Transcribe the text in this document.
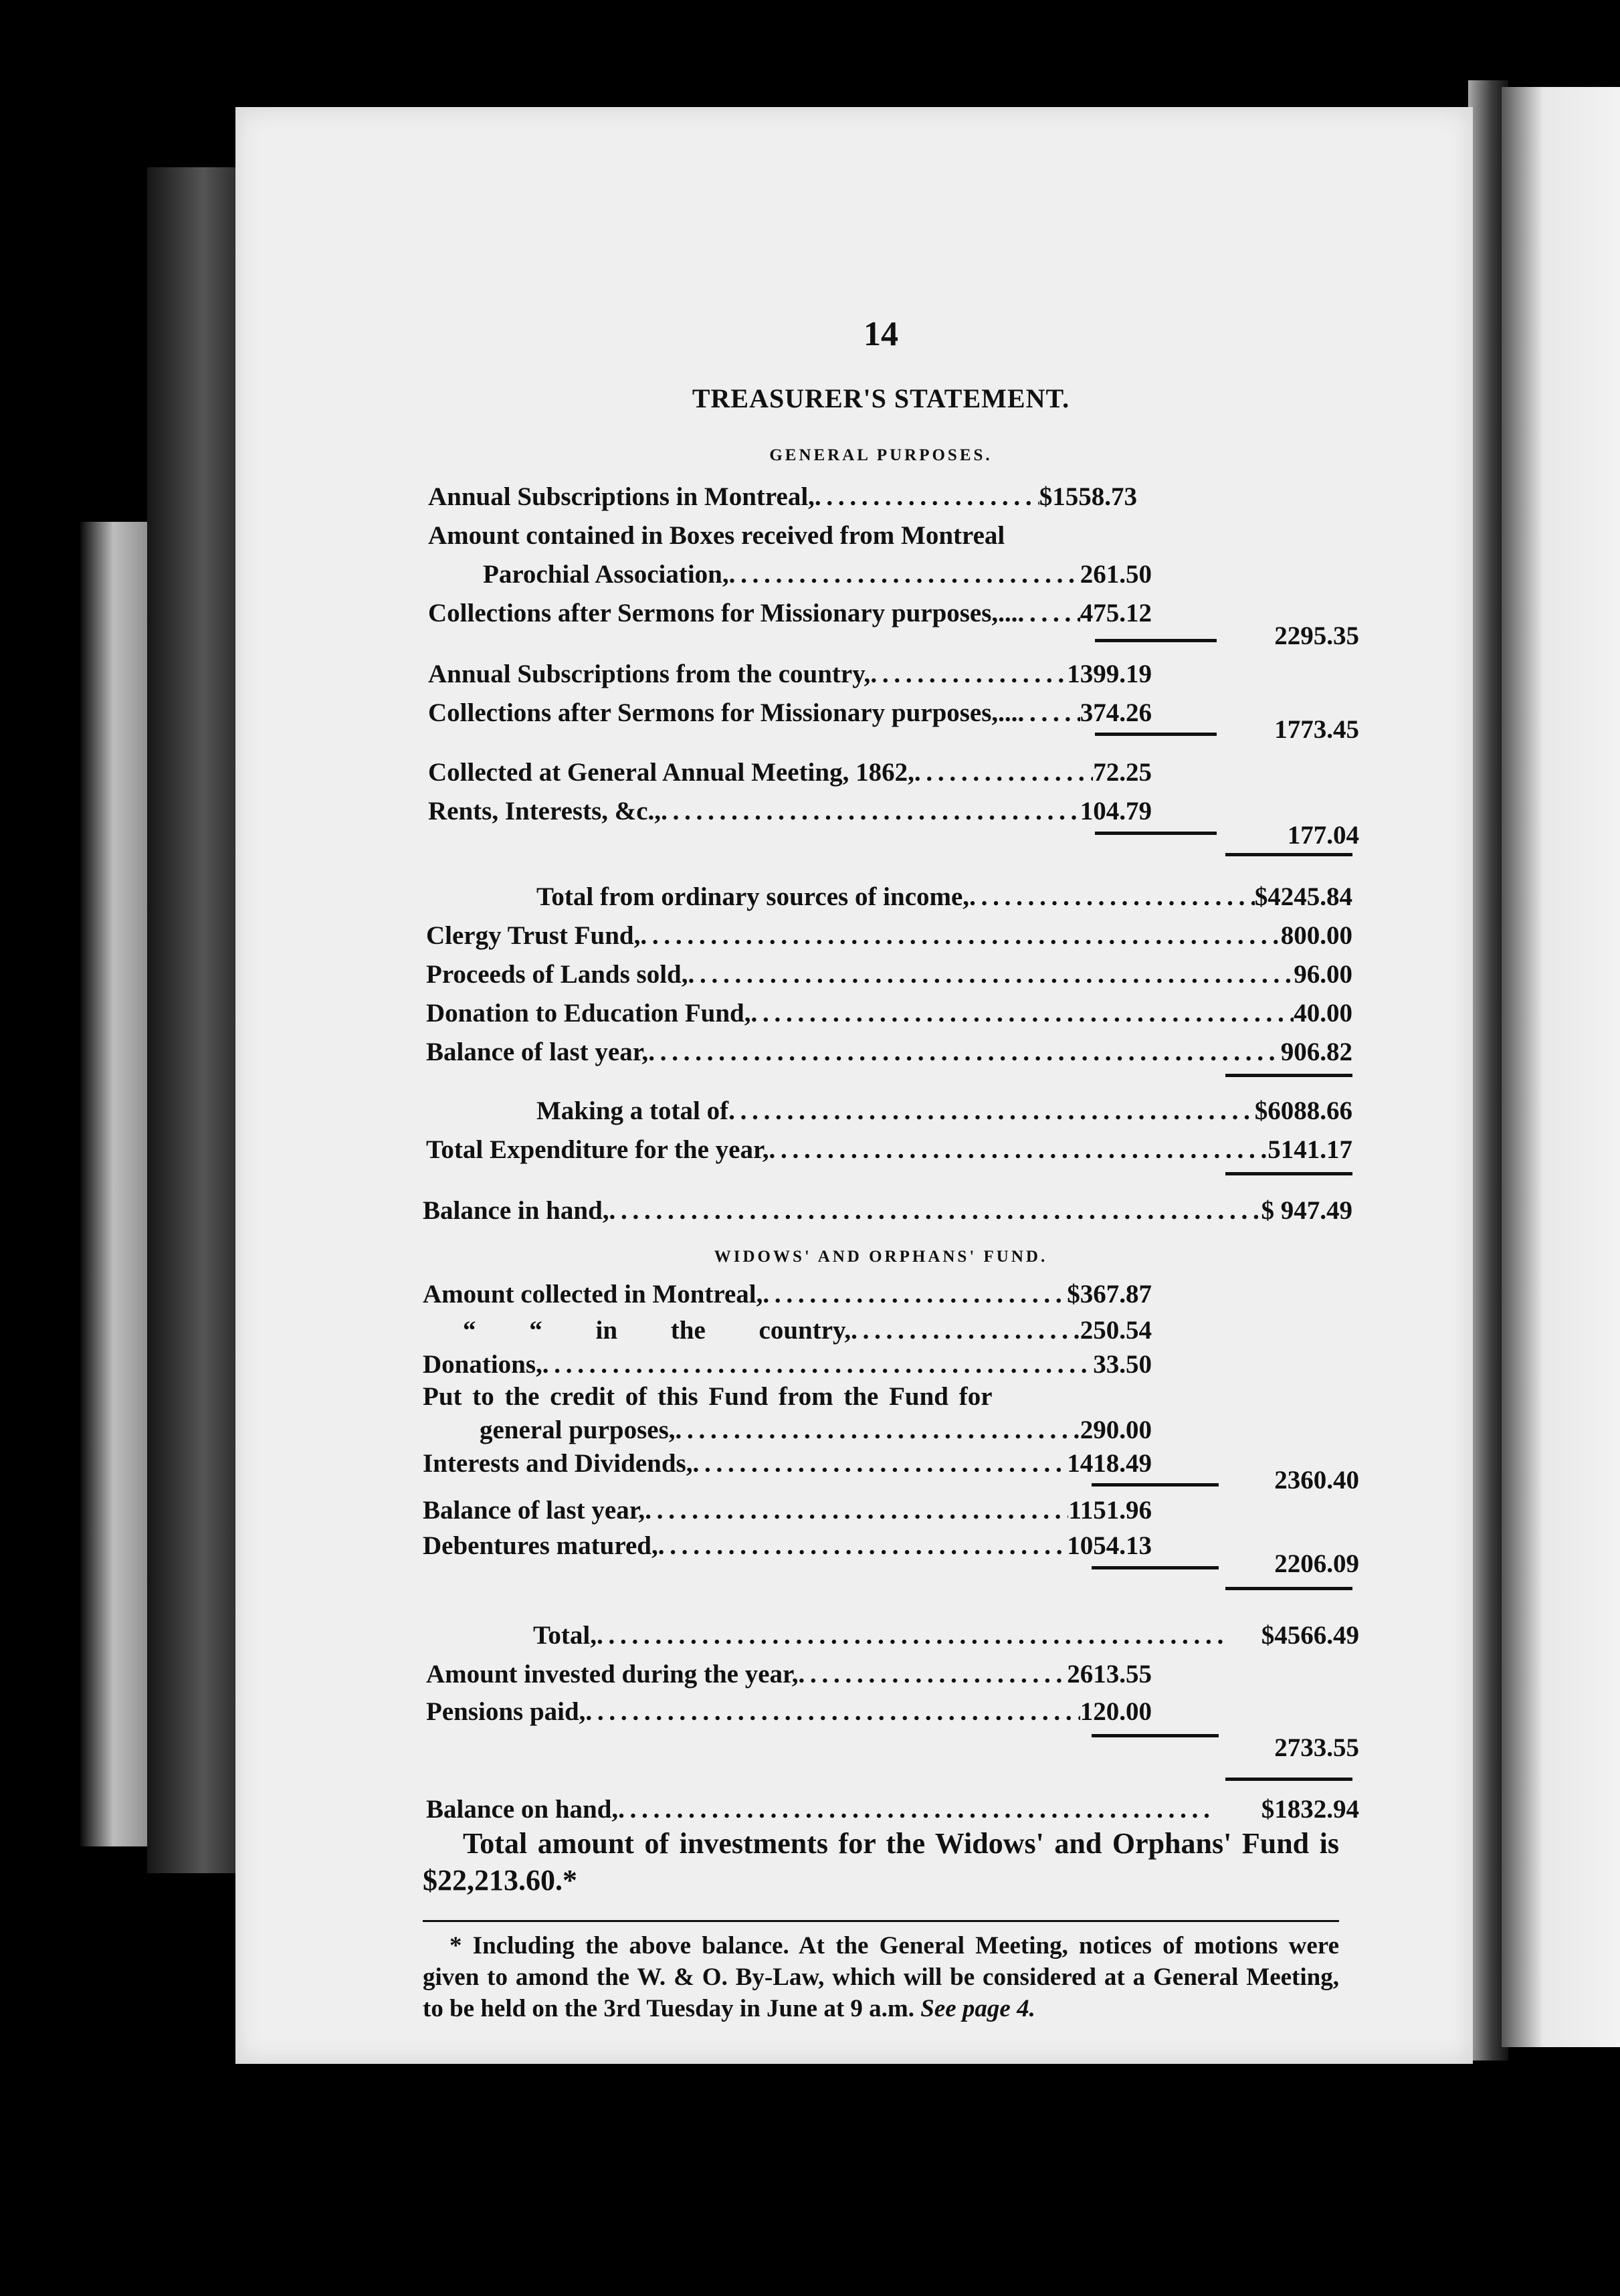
14
TREASURER'S STATEMENT.
GENERAL PURPOSES.
Annual Subscriptions in Montreal, . . .	$1558.73
Amount contained in Boxes received from Montreal
Parochial Association, . . .	261.50
Collections after Sermons for Missionary purposes,... . . . 475.12
2295.35
Annual Subscriptions from the country, . . .	1399.19
Collections after Sermons for Missionary purposes,... . . . 374.26
1773.45
Collected at General Annual Meeting, 1862, . . .	72.25
Rents, Interests, &c., . . .	104.79
177.04
Total from ordinary sources of income, . . .	$4245.84
Clergy Trust Fund, . . .	800.00
Proceeds of Lands sold, . . .	96.00
Donation to Education Fund, . . .	40.00
Balance of last year, . . .	906.82
Making a total of . . .	$6088.66
Total Expenditure for the year, . . .	5141.17
Balance in hand, . . .	$ 947.49
WIDOWS' AND ORPHANS' FUND.
Amount collected in Montreal, . . .	$367.87
“ “ in the country, . . .	250.54
Donations, . . .	33.50
Put to the credit of this Fund from the Fund for
general purposes, . . .	290.00
Interests and Dividends, . . .	1418.49
2360.40
Balance of last year, . . .	1151.96
Debentures matured, . . .	1054.13
2206.09
Total, . . .	$4566.49
Amount invested during the year, . . .	2613.55
Pensions paid, . . .	120.00
2733.55
Balance on hand, . . .	$1832.94
Total amount of investments for the Widows' and Orphans' Fund is $22,213.60.*
* Including the above balance. At the General Meeting, notices of motions were given to amond the W. & O. By-Law, which will be considered at a General Meeting, to be held on the 3rd Tuesday in June at 9 a.m. See page 4.
